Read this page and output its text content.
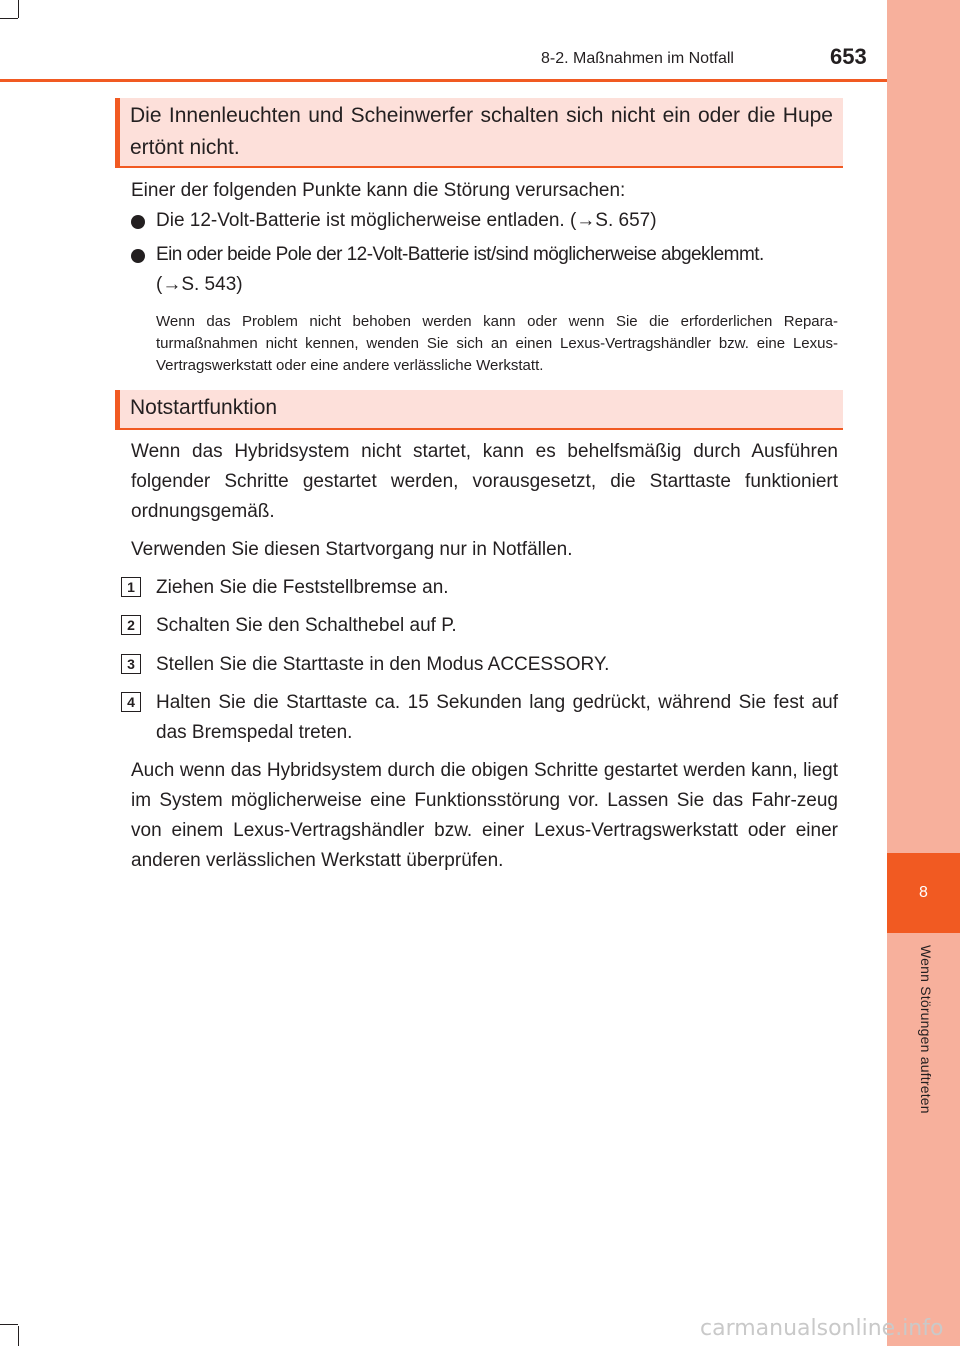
8
Wenn Störungen auftreten
8-2. Maßnahmen im Notfall	653
Die Innenleuchten und Scheinwerfer schalten sich nicht ein oder die Hupe ertönt nicht.
Einer der folgenden Punkte kann die Störung verursachen:
Die 12-Volt-Batterie ist möglicherweise entladen. (→S. 657)
Ein oder beide Pole der 12-Volt-Batterie ist/sind möglicherweise abgeklemmt.
(→S. 543)
Wenn das Problem nicht behoben werden kann oder wenn Sie die erforderlichen Repara-turmaßnahmen nicht kennen, wenden Sie sich an einen Lexus-Vertragshändler bzw. eine Lexus-Vertragswerkstatt oder eine andere verlässliche Werkstatt.
Notstartfunktion
Wenn das Hybridsystem nicht startet, kann es behelfsmäßig durch Ausführen folgender Schritte gestartet werden, vorausgesetzt, die Starttaste funktioniert ordnungsgemäß.
Verwenden Sie diesen Startvorgang nur in Notfällen.
1	Ziehen Sie die Feststellbremse an.
2	Schalten Sie den Schalthebel auf P.
3	Stellen Sie die Starttaste in den Modus ACCESSORY.
4	Halten Sie die Starttaste ca. 15 Sekunden lang gedrückt, während Sie fest auf das Bremspedal treten.
Auch wenn das Hybridsystem durch die obigen Schritte gestartet werden kann, liegt im System möglicherweise eine Funktionsstörung vor. Lassen Sie das Fahr-zeug von einem Lexus-Vertragshändler bzw. einer Lexus-Vertragswerkstatt oder einer anderen verlässlichen Werkstatt überprüfen.
carmanualsonline.info
